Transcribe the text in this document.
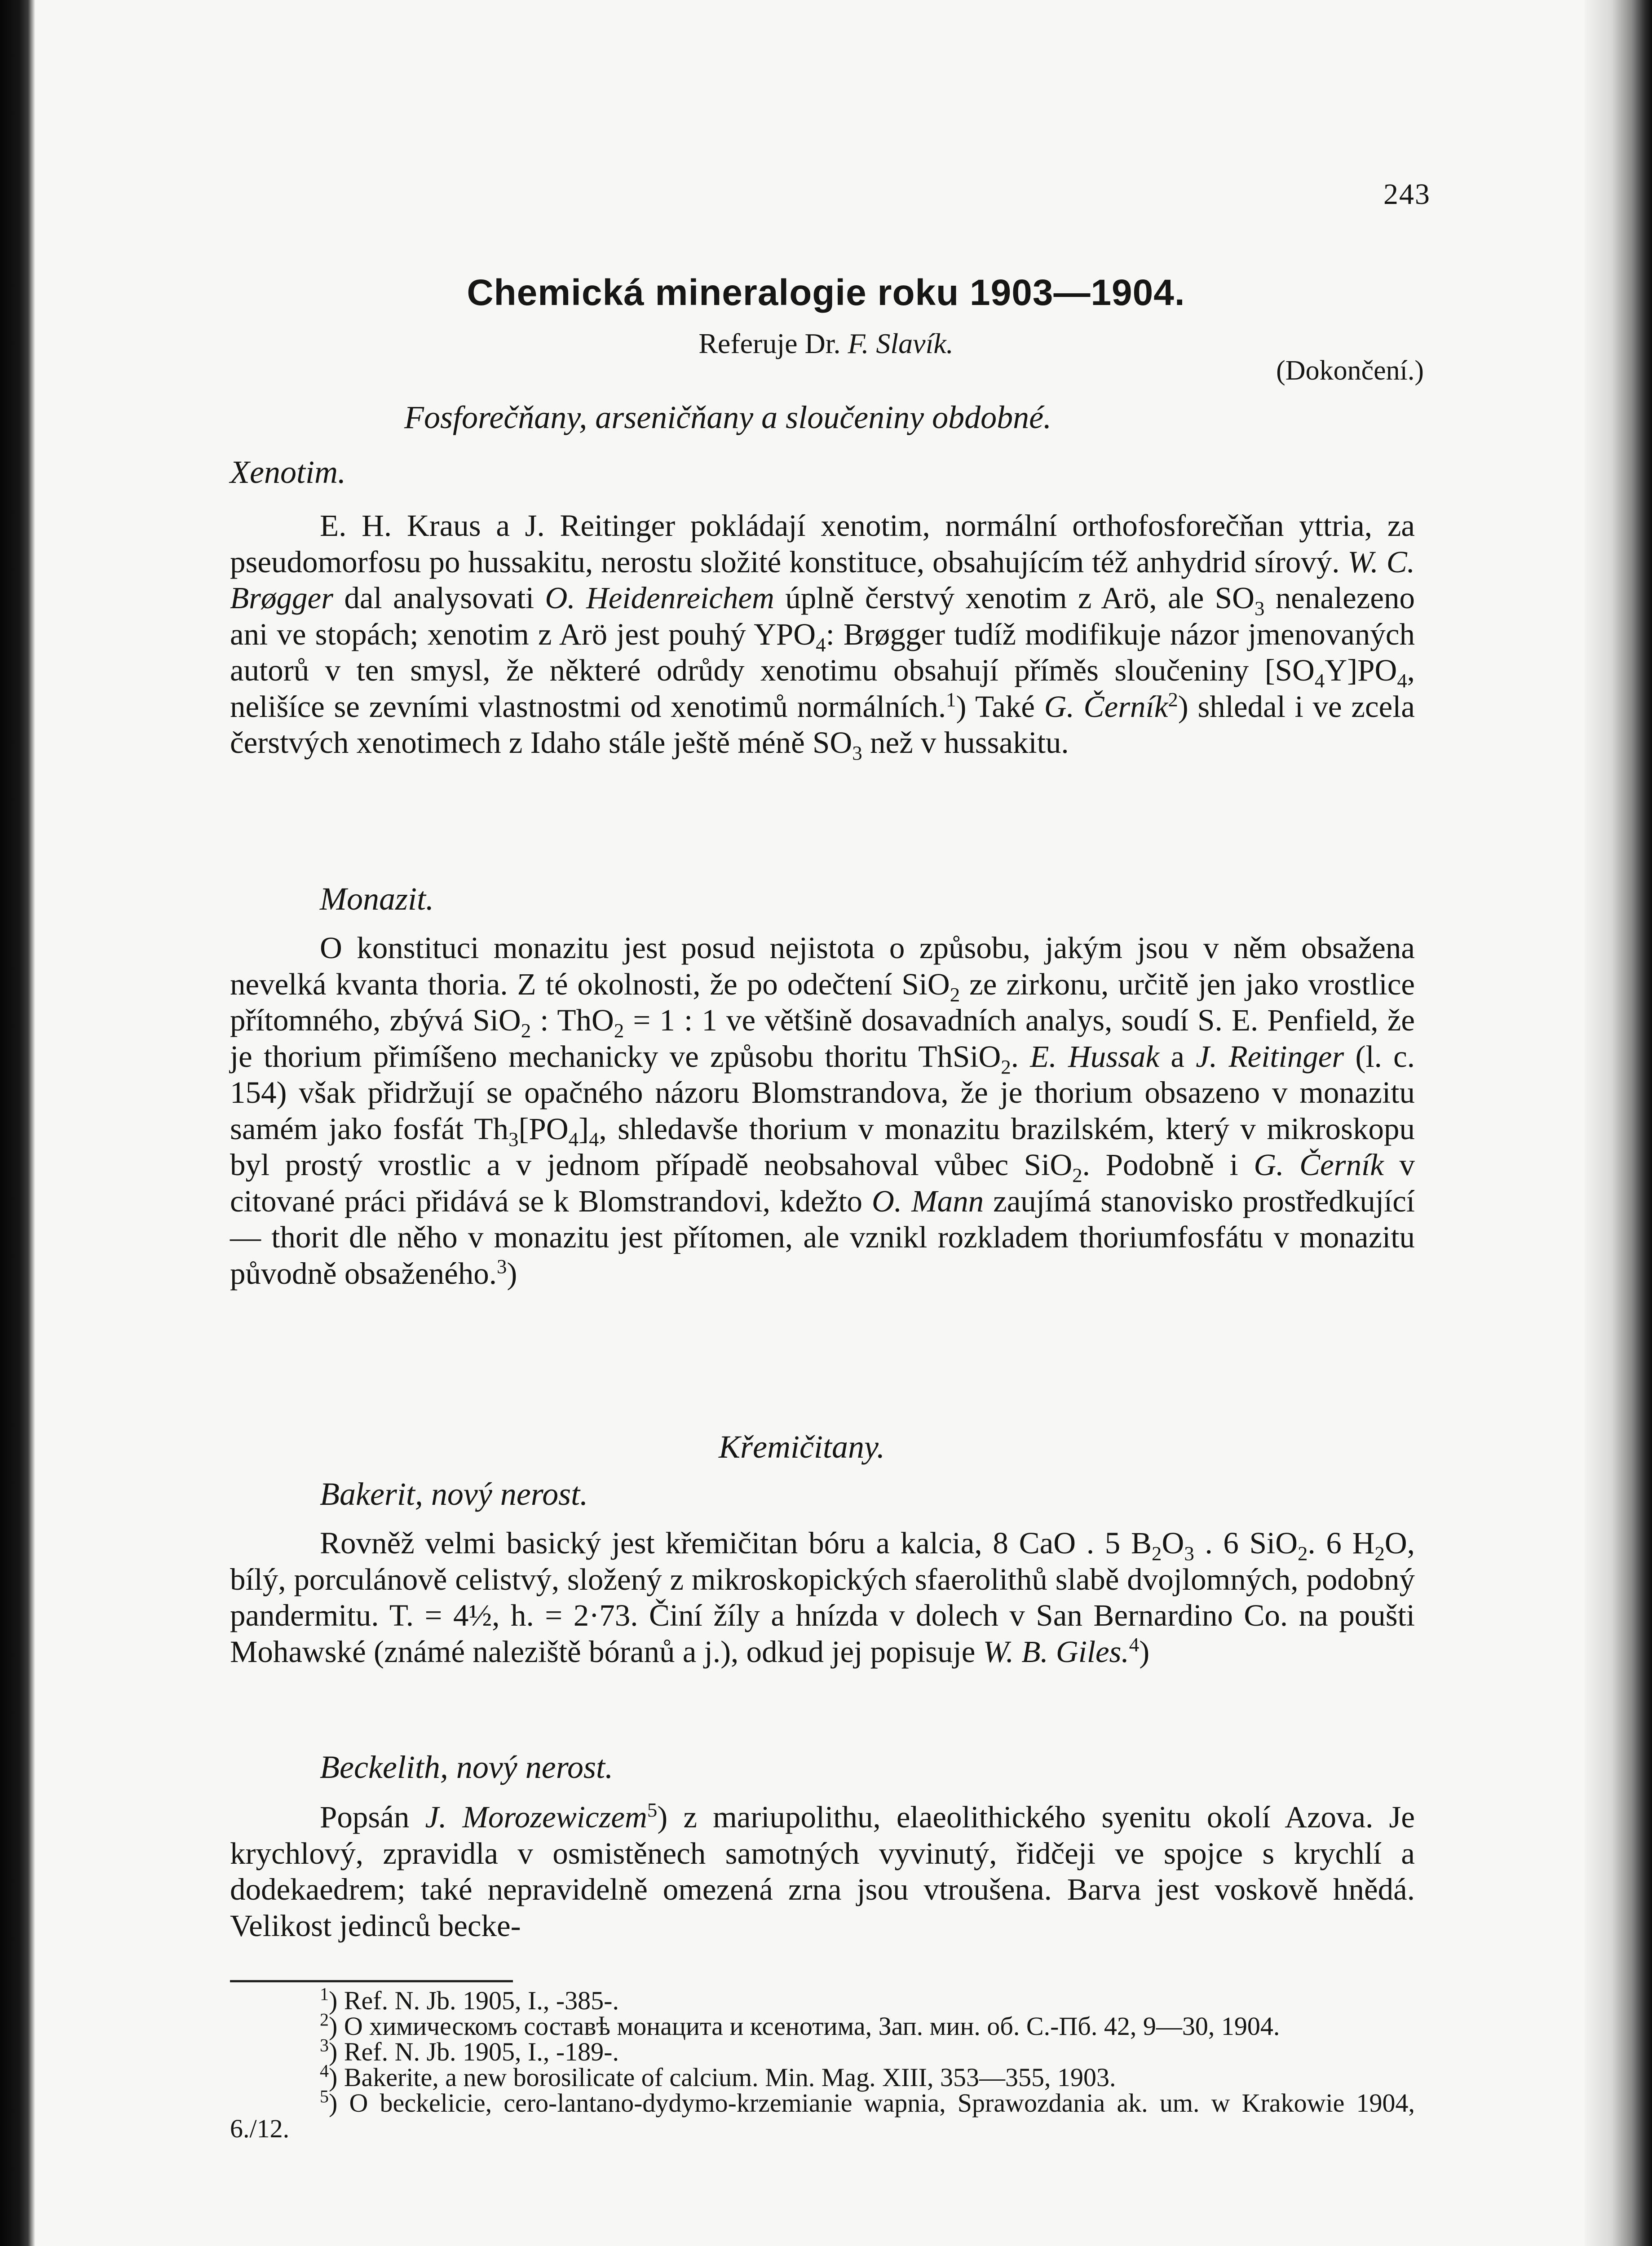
243
Chemická mineralogie roku 1903—1904.
Referuje Dr. F. Slavík.
(Dokončení.)
Fosforečňany, arseničňany a sloučeniny obdobné.
Xenotim.

E. H. Kraus a J. Reitinger pokládají xenotim, normální orthofosforečňan yttria, za pseudomorfosu po hussakitu, nerostu složité konstituce, obsahujícím též anhydrid sírový. W. C. Brøgger dal analysovati O. Heidenreichem úplně čerstvý xenotim z Arö, ale $SO_3$ nenalezeno ani ve stopách; xenotim z Arö jest pouhý $YPO_4$: Brøgger tudíž modifikuje názor jmenovaných autorů v ten smysl, že některé odrůdy xenotimu obsahují příměs sloučeniny $[SO_4Y]PO_4$, nelišíce se zevními vlastnostmi od xenotimů normálních.$^1$) Také G. Černík$^2$) shledal i ve zcela čerstvých xenotimech z Idaho stále ještě méně $SO_3$ než v hussakitu.

Monazit.

O konstituci monazitu jest posud nejistota o způsobu, jakým jsou v něm obsažena nevelká kvanta thoria. Z té okolnosti, že po odečtení SiO$_2$ ze zirkonu, určitě jen jako vrostlice přítomného, zbývá SiO$_2$ : ThO$_2$ = 1 : 1 ve většině dosavadních analys, soudí S. E. Penfield, že je thorium přimíšeno mechanicky ve způsobu thoritu ThSiO$_2$. E. Hussak a J. Reitinger (l. c. 154) však přidržují se opačného názoru Blomstrandova, že je thorium obsazeno v monazitu samém jako fosfát $Th_3[PO_4]_4$, shledavše thorium v monazitu brazilském, který v mikroskopu byl prostý vrostlic a v jednom případě neobsahoval vůbec SiO$_2$. Podobně i G. Černík v citované práci přidává se k Blomstrandovi, kdežto O. Mann zaujímá stanovisko prostředkující — thorit dle něho v monazitu jest přítomen, ale vznikl rozkladem thoriumfosfátu v monazitu původně obsaženého.$^3$)

Křemičitany.
Bakerit, nový nerost.

Rovněž velmi basický jest křemičitan bóru a kalcia, 8 CaO . 5 $B_2O_3$ . 6 SiO$_2$. 6 $H_2O$, bílý, porculánově celistvý, složený z mikroskopických sfaerolithů slabě dvojlomných, podobný pandermitu. T. = 4½, h. = 2·73. Činí žíly a hnízda v dolech v San Bernardino Co. na poušti Mohawské (známé naleziště bóranů a j.), odkud jej popisuje W. B. Giles.$^4$)

Beckelith, nový nerost.

Popsán J. Morozewiczem$^5$) z mariupolithu, elaeolithického syenitu okolí Azova. Je krychlový, zpravidla v osmistěnech samotných vyvinutý, řidčeji ve spojce s krychlí a dodekaedrem; také nepravidelně omezená zrna jsou vtroušena. Barva jest voskově hnědá. Velikost jedinců becke-

$^1$) Ref. N. Jb. 1905, I., -385-.
$^2$) О химическомъ составѣ монацита и ксенотима, Зап. мин. об. С.-Пб. 42, 9—30, 1904.
$^3$) Ref. N. Jb. 1905, I., -189-.
$^4$) Bakerite, a new borosilicate of calcium. Min. Mag. XIII, 353—355, 1903.
$^5$) O beckelicie, cero-lantano-dydymo-krzemianie wapnia, Sprawozdania ak. um. w Krakowie 1904, 6./12.
